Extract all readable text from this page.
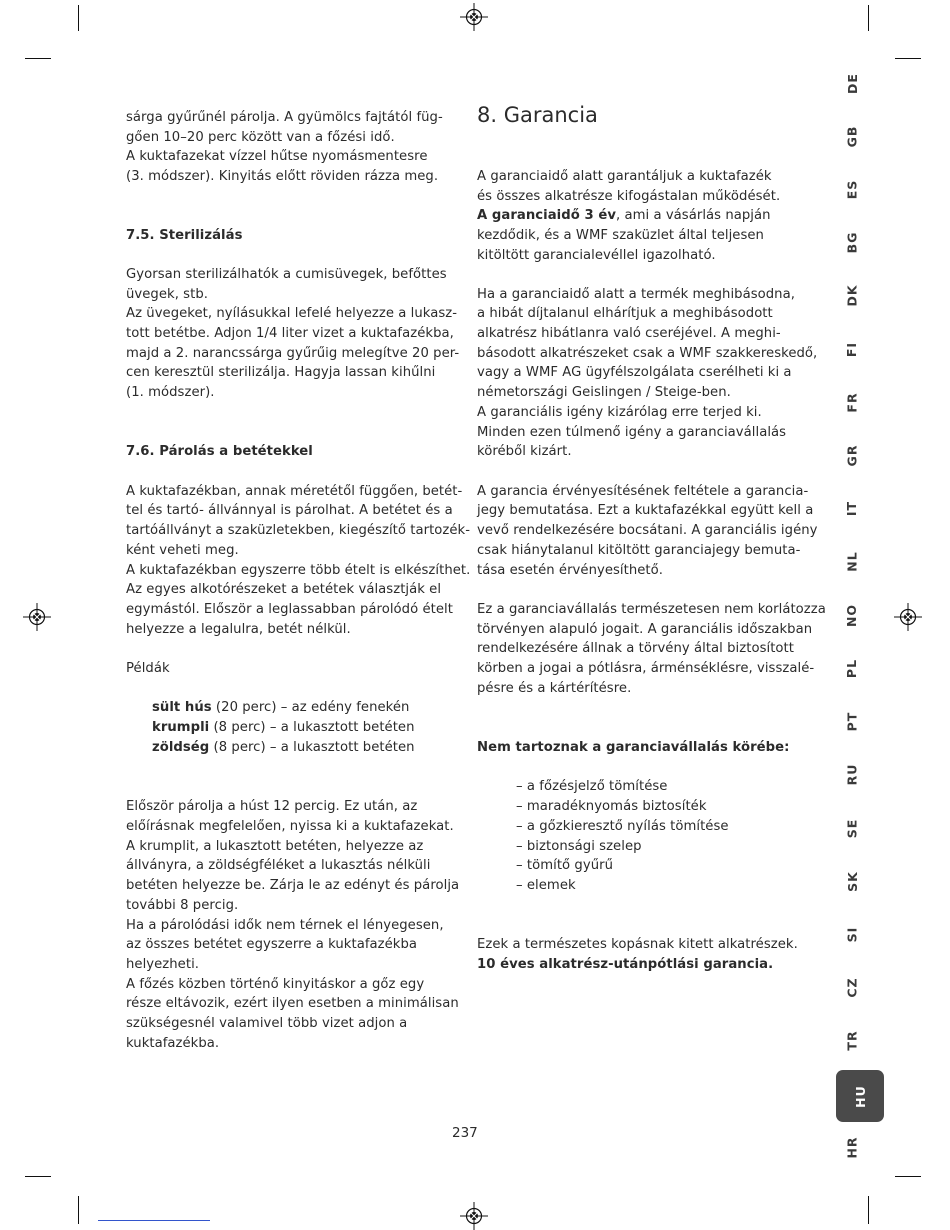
sárga gyűrűnél párolja. A gyümölcs fajtától füg-
gően 10–20 perc között van a főzési idő.
A kuktafazekat vízzel hűtse nyomásmentesre
(3. módszer). Kinyitás előtt röviden rázza meg.
7.5. Sterilizálás
Gyorsan sterilizálhatók a cumisüvegek, befőttes
üvegek, stb.
Az üvegeket, nyílásukkal lefelé helyezze a lukasz-
tott betétbe. Adjon 1/4 liter vizet a kuktafazékba,
majd a 2. narancssárga gyűrűig melegítve 20 per-
cen keresztül sterilizálja. Hagyja lassan kihűlni
(1. módszer).
7.6. Párolás a betétekkel
A kuktafazékban, annak méretétől függően, betét-
tel és tartó- állvánnyal is párolhat. A betétet és a
tartóállványt a szaküzletekben, kiegészítő tartozék-
ként veheti meg.
A kuktafazékban egyszerre több ételt is elkészíthet.
Az egyes alkotórészeket a betétek választják el
egymástól. Először a leglassabban párolódó ételt
helyezze a legalulra, betét nélkül.
Példák
sült hús (20 perc) – az edény fenekén
krumpli (8 perc) – a lukasztott betéten
zöldség (8 perc) – a lukasztott betéten
Először párolja a húst 12 percig. Ez után, az
előírásnak megfelelően, nyissa ki a kuktafazekat.
A krumplit, a lukasztott betéten, helyezze az
állványra, a zöldségféléket a lukasztás nélküli
betéten helyezze be. Zárja le az edényt és párolja
további 8 percig.
Ha a párolódási idők nem térnek el lényegesen,
az összes betétet egyszerre a kuktafazékba
helyezheti.
A főzés közben történő kinyitáskor a gőz egy
része eltávozik, ezért ilyen esetben a minimálisan
szükségesnél valamivel több vizet adjon a
kuktafazékba.
8. Garancia
A garanciaidő alatt garantáljuk a kuktafazék
és összes alkatrésze kifogástalan működését.
A garanciaidő 3 év, ami a vásárlás napján
kezdődik, és a WMF szaküzlet által teljesen
kitöltött garancialevéllel igazolható.
Ha a garanciaidő alatt a termék meghibásodna,
a hibát díjtalanul elhárítjuk a meghibásodott
alkatrész hibátlanra való cseréjével. A meghi-
básodott alkatrészeket csak a WMF szakkereskedő,
vagy a WMF AG ügyfélszolgálata cserélheti ki a
németországi Geislingen / Steige-ben.
A garanciális igény kizárólag erre terjed ki.
Minden ezen túlmenő igény a garanciavállalás
köréből kizárt.
A garancia érvényesítésének feltétele a garancia-
jegy bemutatása. Ezt a kuktafazékkal együtt kell a
vevő rendelkezésére bocsátani. A garanciális igény
csak hiánytalanul kitöltött garanciajegy bemuta-
tása esetén érvényesíthető.
Ez a garanciavállalás természetesen nem korlátozza
törvényen alapuló jogait. A garanciális időszakban
rendelkezésére állnak a törvény által biztosított
körben a jogai a pótlásra, árménséklésre, visszalé-
pésre és a kártérítésre.
Nem tartoznak a garanciavállalás körébe:
– a főzésjelző tömítése
– maradéknyomás biztosíték
– a gőzkieresztő nyílás tömítése
– biztonsági szelep
– tömítő gyűrű
– elemek
Ezek a természetes kopásnak kitett alkatrészek.
10 éves alkatrész-utánpótlási garancia.
DE
GB
ES
BG
DK
FI
FR
GR
IT
NL
NO
PL
PT
RU
SE
SK
SI
CZ
TR
HU
HR
237
